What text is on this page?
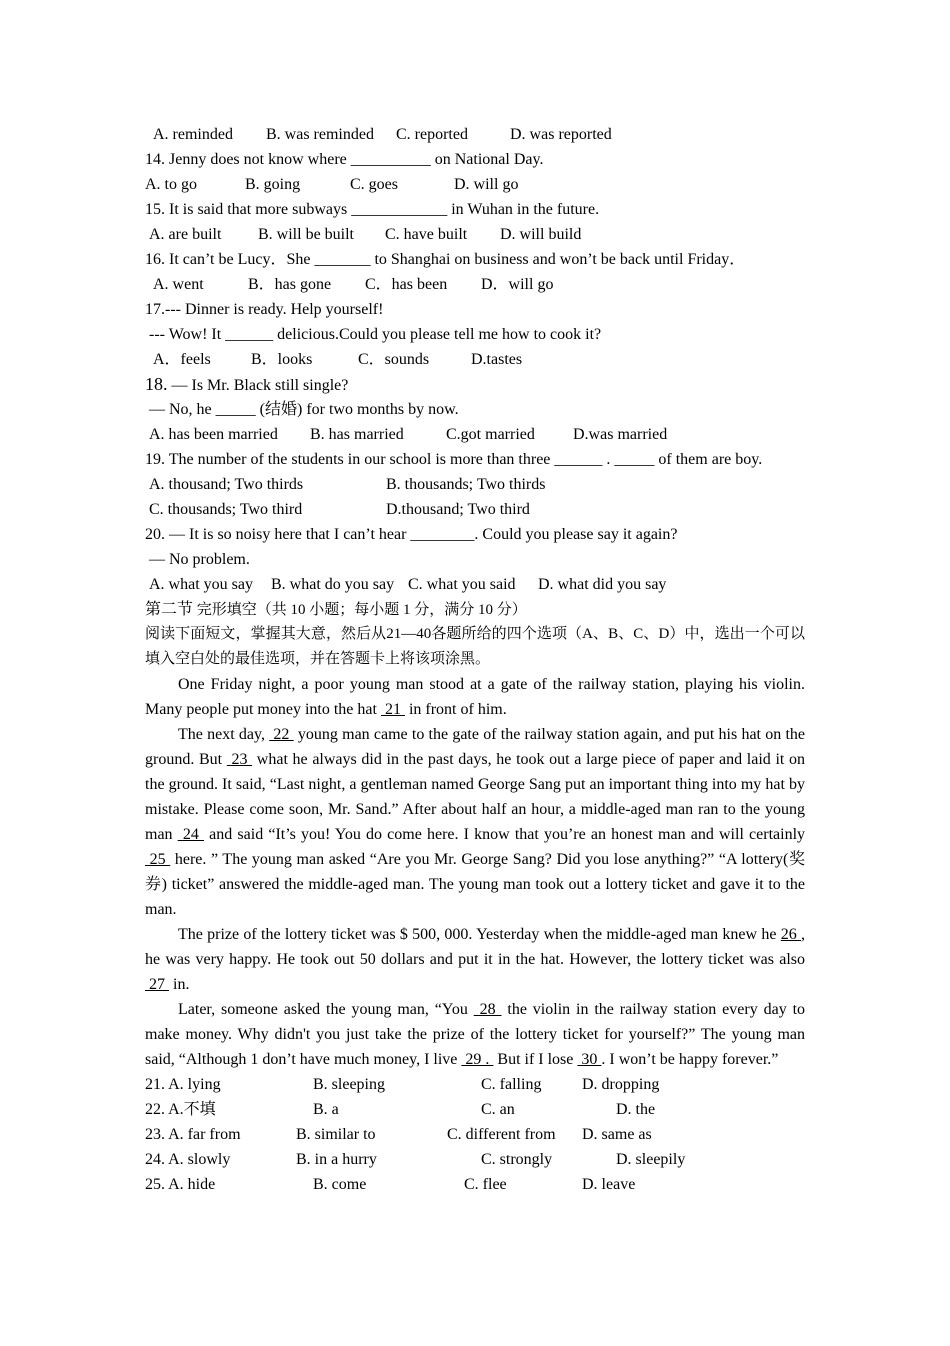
A. reminded B. was reminded C. reported	D. was reported
14. Jenny does not know where __________ on National Day.
A. to go	B. going	C. goes	D. will go
15. It is said that more subways ____________ in Wuhan in the future.
A. are built B. will be built C. have built D. will build
16. It can’t be Lucy．She _______ to Shanghai on business and won’t be back until Friday．
A. went	B．has gone C．has been D．will go
17.--- Dinner is ready. Help yourself!
--- Wow! It ______ delicious.Could you please tell me how to cook it?
A．feels	B．looks	C．sounds	D.tastes
18. — Is Mr. Black still single?
— No, he _____ (结婚) for two months by now.
A. has been married B. has married	C.got married D.was married
19. The number of the students in our school is more than three ______ . _____ of them are boy.
A. thousand; Two thirds	B. thousands; Two thirds
C. thousands; Two third	D.thousand; Two third
20. — It is so noisy here that I can’t hear ________. Could you please say it again?
— No problem.
A. what you say B. what do you say C. what you said D. what did you say
第二节 完形填空（共 10 小题；每小题 1 分，满分 10 分）

阅读下面短文，掌握其大意，然后从21—40各题所给的四个选项（A、B、C、D）中，选出一个可以填入空白处的最佳选项，并在答题卡上将该项涂黑。

One Friday night, a poor young man stood at a gate of the railway station, playing his violin. Many people put money into the hat  21  in front of him.

The next day,  22  young man came to the gate of the railway station again, and put his hat on the ground. But  23  what he always did in the past days, he took out a large piece of paper and laid it on the ground. It said, “Last night, a gentleman named George Sang put an important thing into my hat by mistake. Please come soon, Mr. Sand.” After about half an hour, a middle-aged man ran to the young man  24  and said “It’s you! You do come here. I know that you’re an honest man and will certainly  25  here. ” The young man asked “Are you Mr. George Sang? Did you lose anything?” “A lottery(奖券) ticket” answered the middle-aged man. The young man took out a lottery ticket and gave it to the man.

The prize of the lottery ticket was $ 500, 000. Yesterday when the middle-aged man knew he 26 , he was very happy. He took out 50 dollars and put it in the hat. However, the lottery ticket was also  27  in.

Later, someone asked the young man, “You  28  the violin in the railway station every day to make money. Why didn't you just take the prize of the lottery ticket for yourself?” The young man said, “Although 1 don’t have much money, I live  29 .  But if I lose  30 . I won’t be happy forever.”

21. A. lying	B. sleeping	C. falling	D. dropping
22. A.不填	B. a	C. an	D. the
23. A. far from	B. similar to	C. different from D. same as
24. A. slowly	B. in a hurry	C. strongly	D. sleepily
25. A. hide	B. come	C. flee	D. leave
